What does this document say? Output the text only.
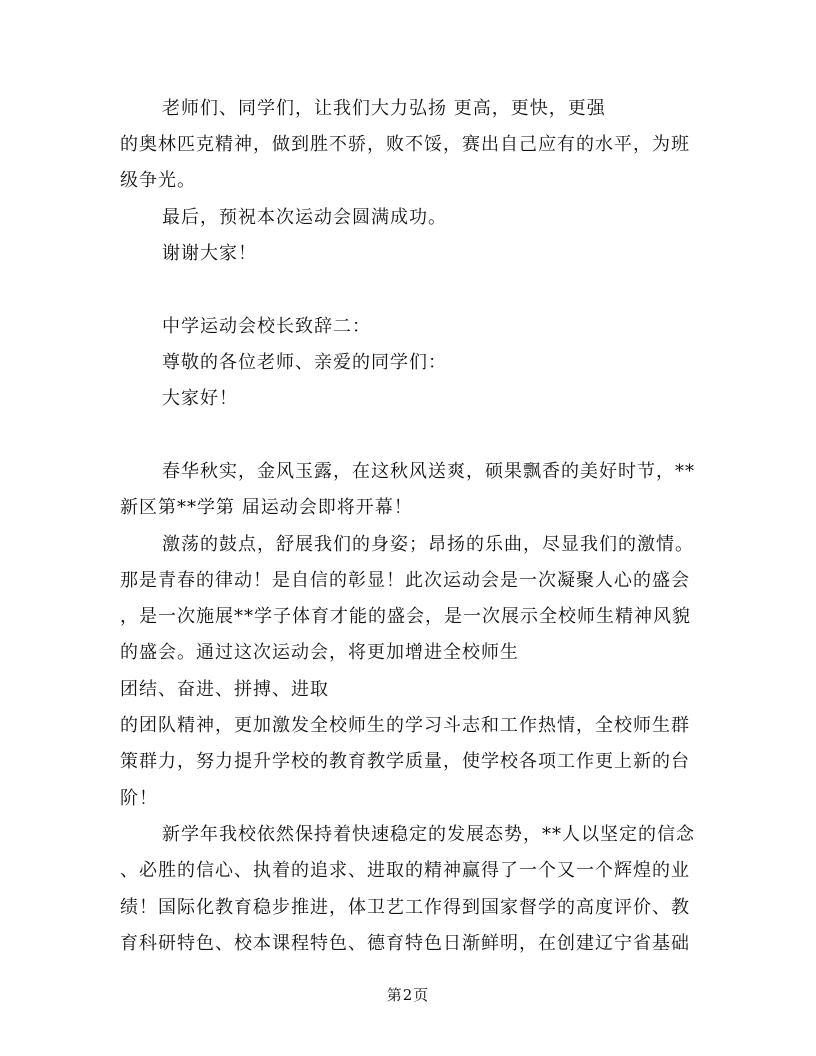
老师们、同学们，让我们大力弘扬 更高，更快，更强
的奥林匹克精神，做到胜不骄，败不馁，赛出自己应有的水平，为班
级争光。
最后，预祝本次运动会圆满成功。
谢谢大家！
中学运动会校长致辞二：
尊敬的各位老师、亲爱的同学们：
大家好！
春华秋实，金风玉露，在这秋风送爽，硕果飘香的美好时节，**
新区第**学第 届运动会即将开幕！
激荡的鼓点，舒展我们的身姿；昂扬的乐曲，尽显我们的激情。
那是青春的律动！是自信的彰显！此次运动会是一次凝聚人心的盛会
，是一次施展**学子体育才能的盛会，是一次展示全校师生精神风貌
的盛会。通过这次运动会，将更加增进全校师生
团结、奋进、拼搏、进取
的团队精神，更加激发全校师生的学习斗志和工作热情，全校师生群
策群力，努力提升学校的教育教学质量，使学校各项工作更上新的台
阶！
新学年我校依然保持着快速稳定的发展态势，**人以坚定的信念
、必胜的信心、执着的追求、进取的精神赢得了一个又一个辉煌的业
绩！国际化教育稳步推进，体卫艺工作得到国家督学的高度评价、教
育科研特色、校本课程特色、德育特色日渐鲜明，在创建辽宁省基础
第2页
